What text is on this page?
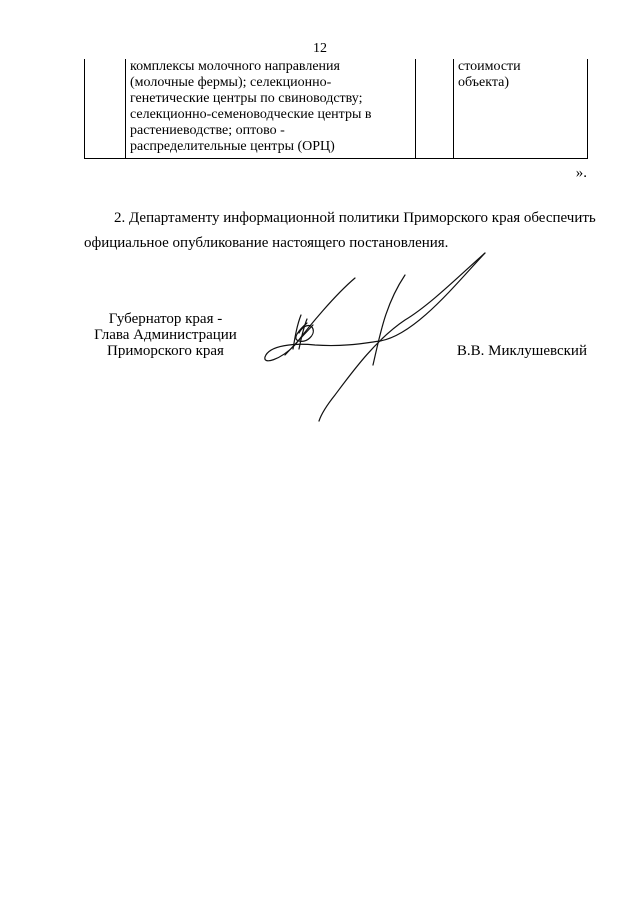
12

комплексы молочного направления
(молочные фермы); селекционно-
генетические центры по свиноводству;
селекционно-семеноводческие центры в
растениеводстве; оптово -
распределительные центры (ОРЦ)

стоимости
объекта)
».
2. Департаменту информационной политики Приморского края обеспечить
официальное опубликование настоящего постановления.
Губернатор края -
Глава Администрации
Приморского края	В.В. Миклушевский
